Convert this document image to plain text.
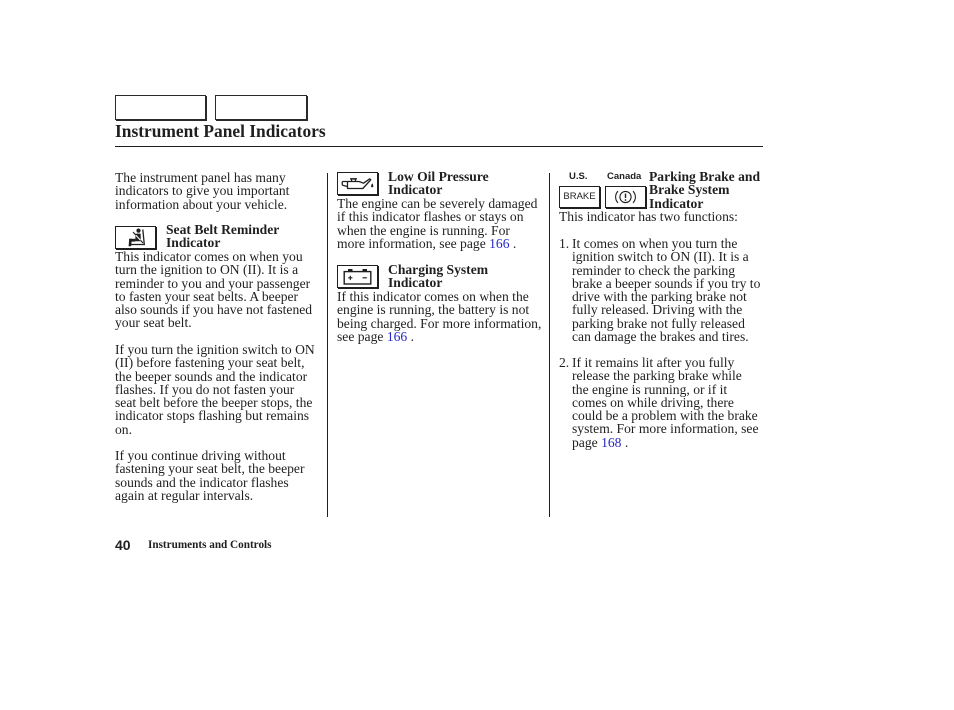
Instrument Panel Indicators
The instrument panel has many
indicators to give you important
information about your vehicle.
Seat Belt Reminder
Indicator
This indicator comes on when you
turn the ignition to ON (II). It is a
reminder to you and your passenger
to fasten your seat belts. A beeper
also sounds if you have not fastened
your seat belt.
If you turn the ignition switch to ON
(II) before fastening your seat belt,
the beeper sounds and the indicator
flashes. If you do not fasten your
seat belt before the beeper stops, the
indicator stops flashing but remains
on.
If you continue driving without
fastening your seat belt, the beeper
sounds and the indicator flashes
again at regular intervals.
Low Oil Pressure
Indicator
The engine can be severely damaged
if this indicator flashes or stays on
when the engine is running. For
more information, see page 166 .
Charging System
Indicator
If this indicator comes on when the
engine is running, the battery is not
being charged. For more information,
see page 166 .
U.S. Canada
BRAKE
Parking Brake and
Brake System
Indicator
This indicator has two functions:
1. It comes on when you turn the
ignition switch to ON (II). It is a
reminder to check the parking
brake a beeper sounds if you try to
drive with the parking brake not
fully released. Driving with the
parking brake not fully released
can damage the brakes and tires.
2. If it remains lit after you fully
release the parking brake while
the engine is running, or if it
comes on while driving, there
could be a problem with the brake
system. For more information, see
page 168 .
40 Instruments and Controls
